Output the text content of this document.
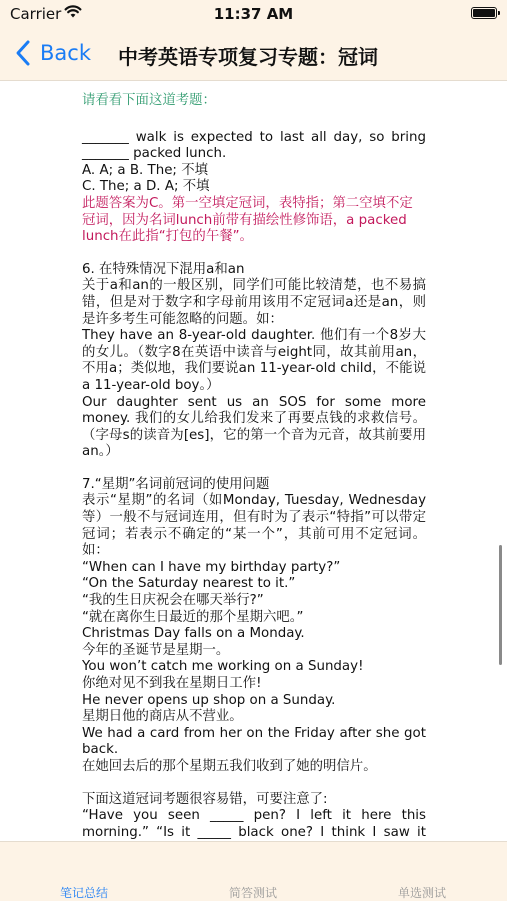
Carrier	11:37 AM
Back 中考英语专项复习专题：冠词

请看看下面这道考题：

_______ walk is expected to last all day, so bring _______ packed lunch.

A. A; a B. The; 不填

C. The; a D. A; 不填

此题答案为C。第一空填定冠词，表特指；第二空填不定冠词，因为名词lunch前带有描绘性修饰语，a packed lunch在此指“打包的午餐”。

6. 在特殊情况下混用a和an

关于a和an的一般区别，同学们可能比较清楚，也不易搞错，但是对于数字和字母前用该用不定冠词a还是an，则是许多考生可能忽略的问题。如：

They have an 8-year-old daughter. 他们有一个8岁大的女儿。（数字8在英语中读音与eight同，故其前用an，不用a；类似地，我们要说an 11-year-old child，不能说a 11-year-old boy。）

Our daughter sent us an SOS for some more money. 我们的女儿给我们发来了再要点钱的求救信号。（字母s的读音为[es]，它的第一个音为元音，故其前要用an。）

7.“星期”名词前冠词的使用问题

表示“星期”的名词（如Monday, Tuesday, Wednesday等）一般不与冠词连用，但有时为了表示“特指”可以带定冠词；若表示不确定的“某一个”，其前可用不定冠词。如：

“When can I have my birthday party?”

“On the Saturday nearest to it.”

“我的生日庆祝会在哪天举行?”

“就在离你生日最近的那个星期六吧。”

Christmas Day falls on a Monday.

今年的圣诞节是星期一。

You won’t catch me working on a Sunday!

你绝对见不到我在星期日工作!

He never opens up shop on a Sunday.

星期日他的商店从不营业。

We had a card from her on the Friday after she got back.

在她回去后的那个星期五我们收到了她的明信片。

下面这道冠词考题很容易错，可要注意了:

“Have you seen _____ pen? I left it here this morning.” “Is it _____ black one? I think I saw it

笔记总结	简答测试	单选测试
